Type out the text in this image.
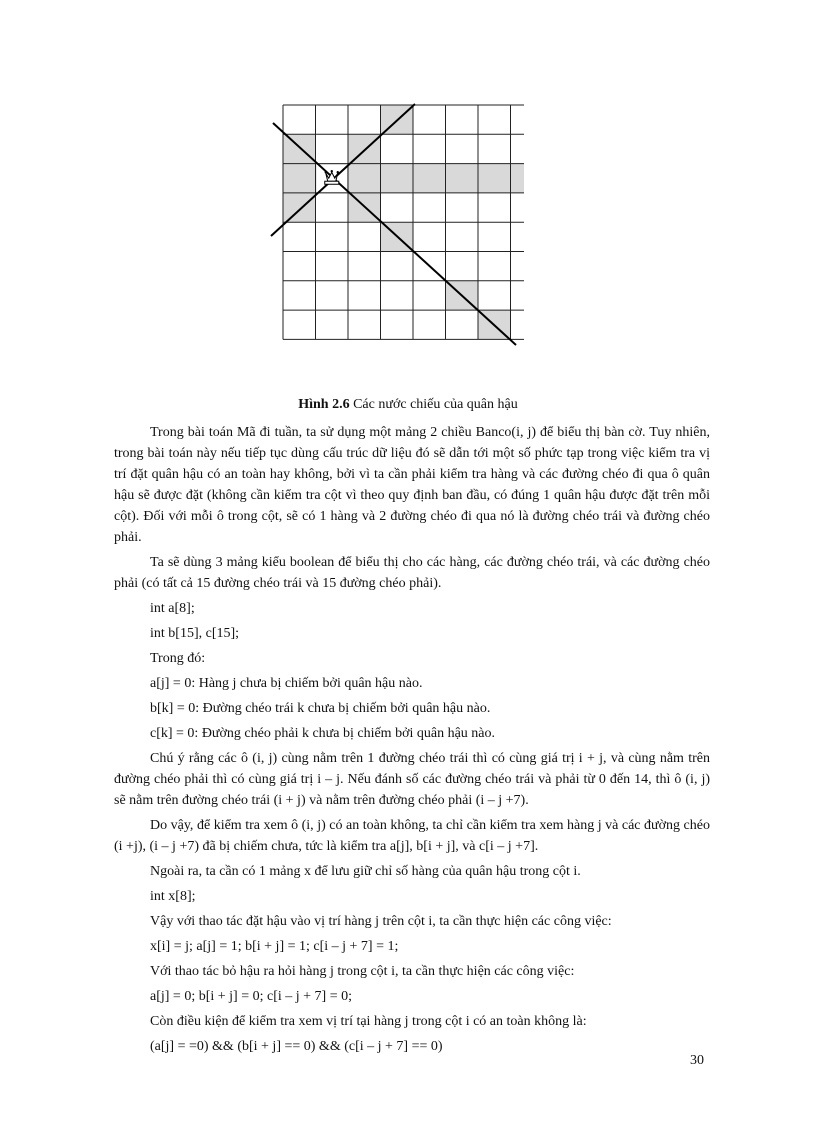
Hình 2.6 Các nước chiếu của quân hậu

Trong bài toán Mã đi tuần, ta sử dụng một mảng 2 chiều Banco(i, j) để biểu thị bàn cờ. Tuy nhiên, trong bài toán này nếu tiếp tục dùng cấu trúc dữ liệu đó sẽ dẫn tới một số phức tạp trong việc kiểm tra vị trí đặt quân hậu có an toàn hay không, bởi vì ta cần phải kiểm tra hàng và các đường chéo đi qua ô quân hậu sẽ được đặt (không cần kiểm tra cột vì theo quy định ban đầu, có đúng 1 quân hậu được đặt trên mỗi cột). Đối với mỗi ô trong cột, sẽ có 1 hàng và 2 đường chéo đi qua nó là đường chéo trái và đường chéo phải.

Ta sẽ dùng 3 mảng kiểu boolean để biểu thị cho các hàng, các đường chéo trái, và các đường chéo phải (có tất cả 15 đường chéo trái và 15 đường chéo phải).

int a[8];

int b[15], c[15];

Trong đó:

a[j] = 0: Hàng j chưa bị chiếm bởi quân hậu nào.

b[k] = 0: Đường chéo trái k chưa bị chiếm bởi quân hậu nào.

c[k] = 0: Đường chéo phải k chưa bị chiếm bởi quân hậu nào.

Chú ý rằng các ô (i, j) cùng nằm trên 1 đường chéo trái thì có cùng giá trị i + j, và cùng nằm trên đường chéo phải thì có cùng giá trị i – j. Nếu đánh số các đường chéo trái và phải từ 0 đến 14, thì ô (i, j) sẽ nằm trên đường chéo trái (i + j) và nằm trên đường chéo phải (i – j +7).

Do vậy, để kiểm tra xem ô (i, j) có an toàn không, ta chỉ cần kiểm tra xem hàng j và các đường chéo (i +j), (i – j +7) đã bị chiếm chưa, tức là kiểm tra a[j], b[i + j], và c[i – j +7].

Ngoài ra, ta cần có 1 mảng x để lưu giữ chỉ số hàng của quân hậu trong cột i.

int x[8];

Vậy với thao tác đặt hậu vào vị trí hàng j trên cột i, ta cần thực hiện các công việc:

x[i] = j; a[j] = 1; b[i + j] = 1; c[i – j + 7] = 1;

Với thao tác bỏ hậu ra hỏi hàng j trong cột i, ta cần thực hiện các công việc:

a[j] = 0; b[i + j] = 0; c[i – j + 7] = 0;

Còn điều kiện để kiểm tra xem vị trí tại hàng j trong cột i có an toàn không là:

(a[j] = =0) && (b[i + j] == 0) && (c[i – j + 7] == 0)

30
